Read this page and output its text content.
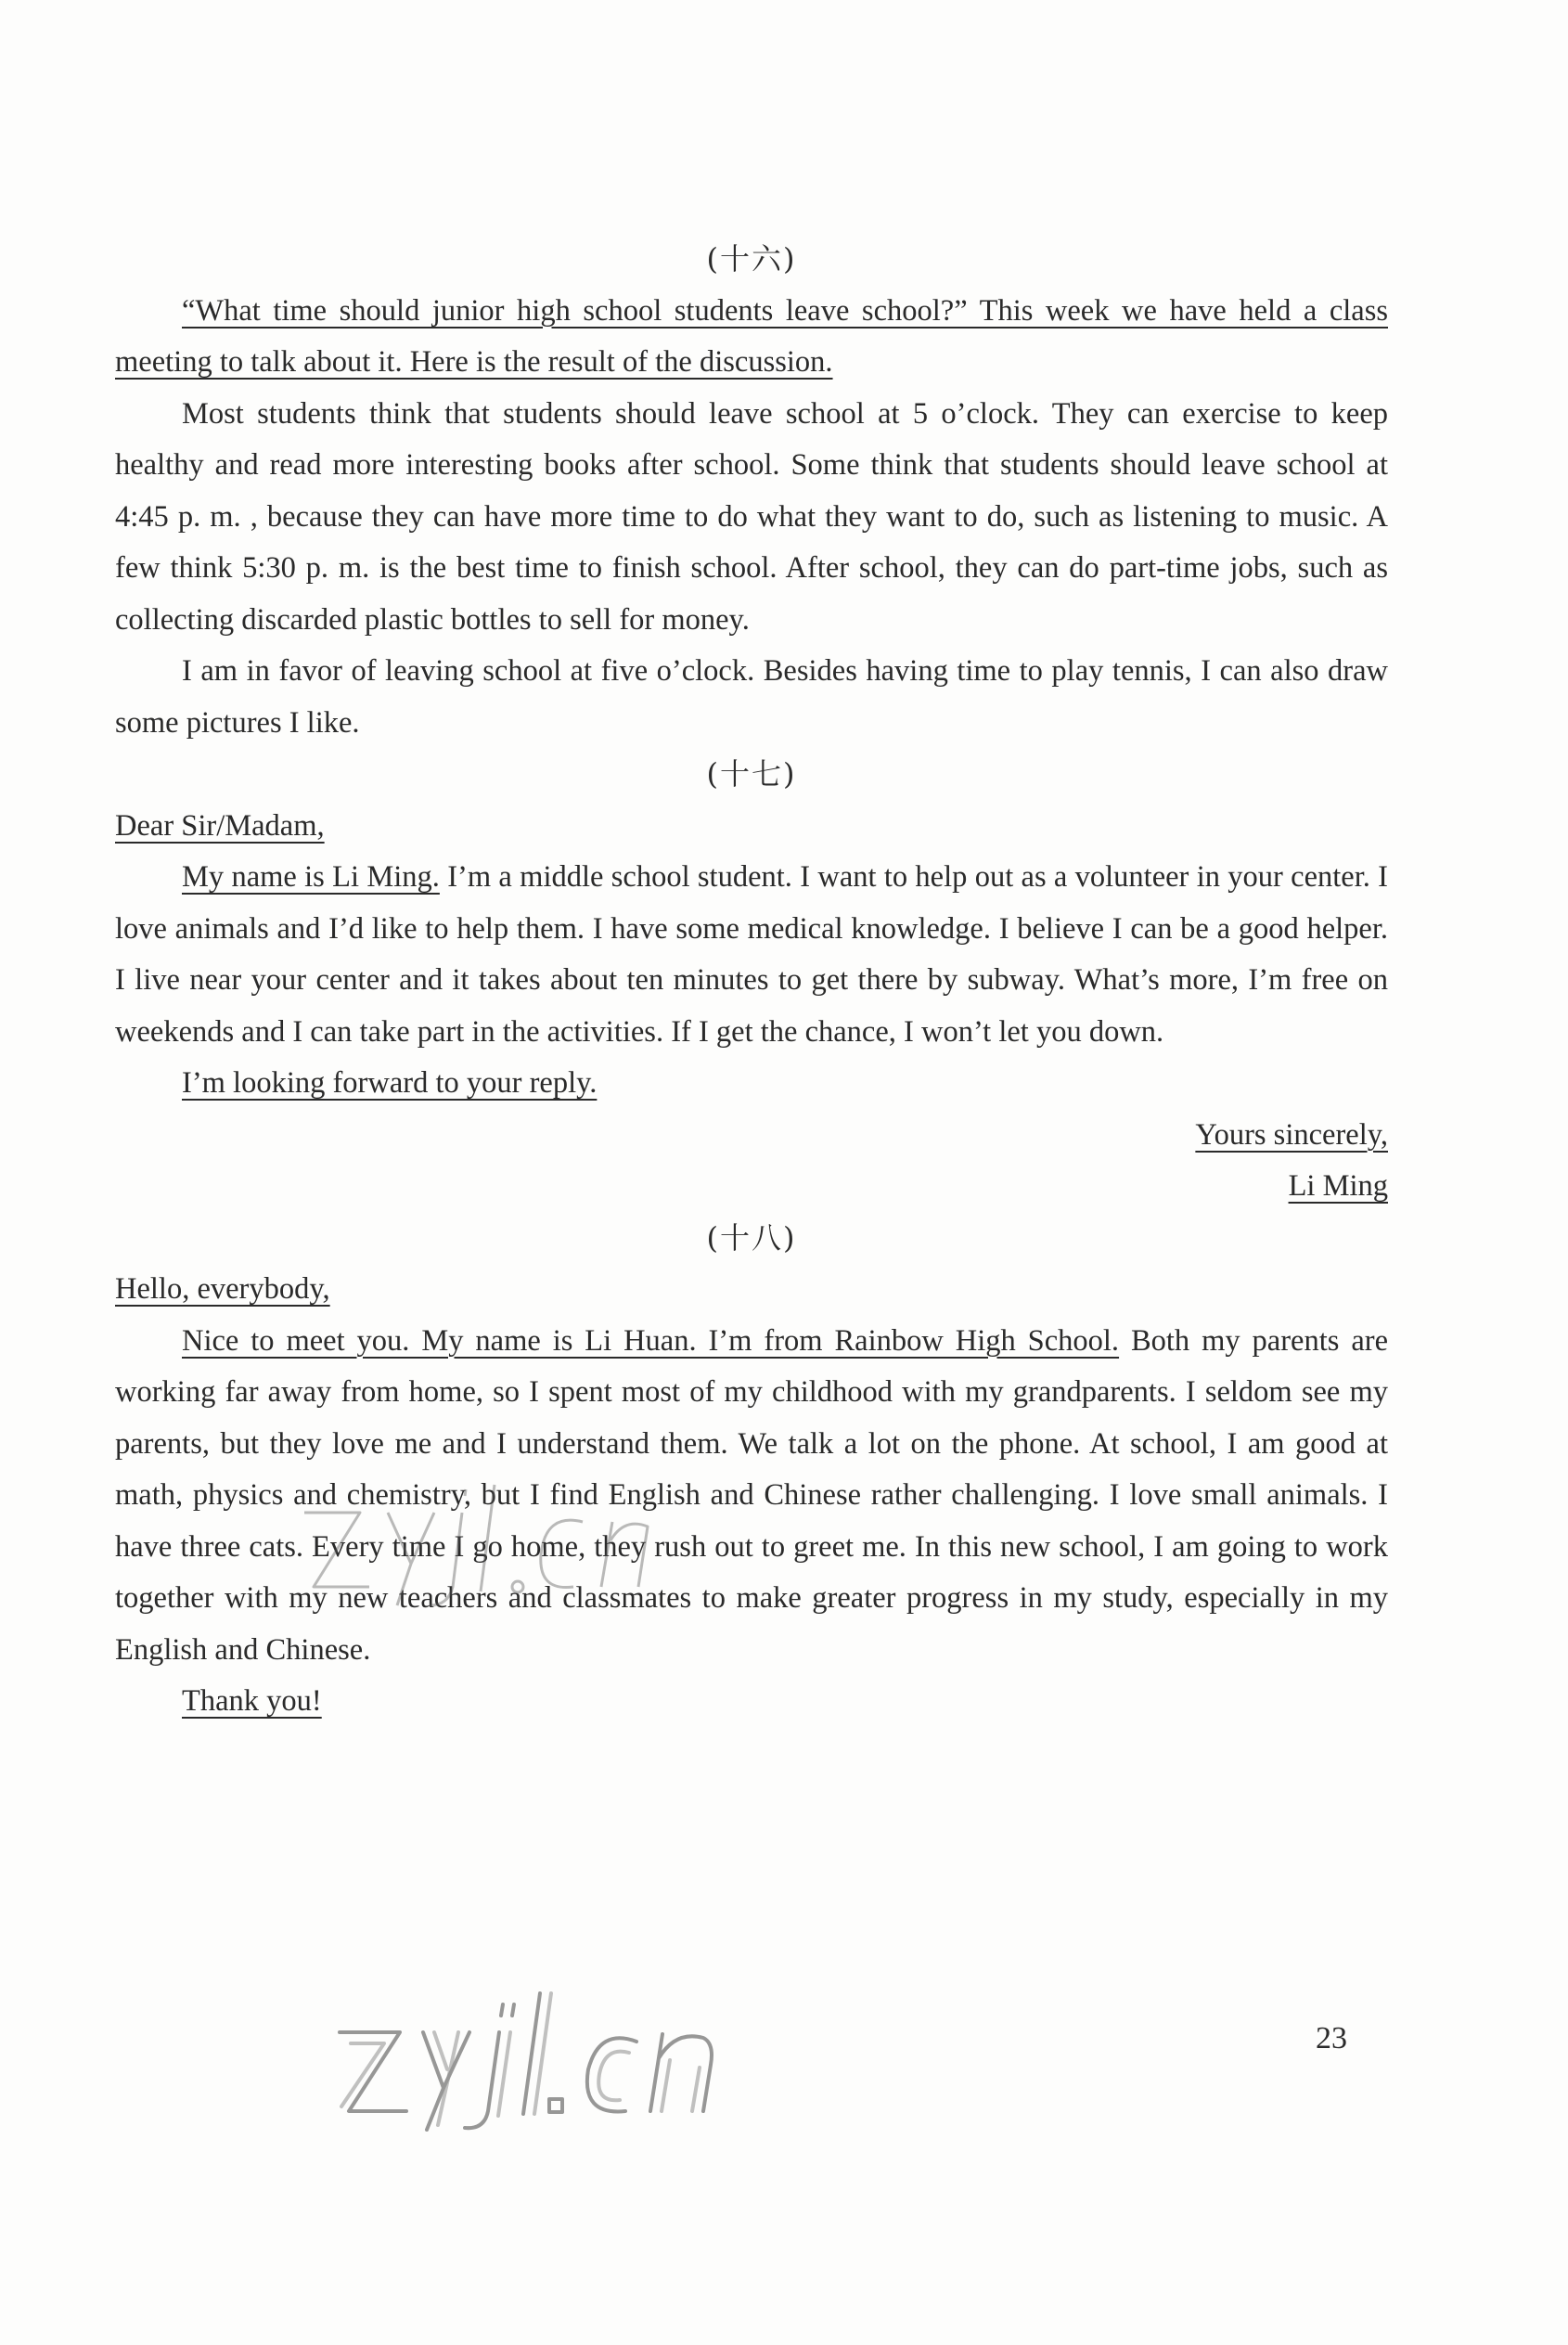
(十六)

“What time should junior high school students leave school?” This week we have held a class meeting to talk about it. Here is the result of the discussion.

Most students think that students should leave school at 5 o’clock. They can exercise to keep healthy and read more interesting books after school. Some think that students should leave school at 4:45 p. m. , because they can have more time to do what they want to do, such as listening to music. A few think 5:30 p. m. is the best time to finish school. After school, they can do part-time jobs, such as collecting discarded plastic bottles to sell for money.

I am in favor of leaving school at five o’clock. Besides having time to play tennis, I can also draw some pictures I like.

(十七)

Dear Sir/Madam,

My name is Li Ming. I’m a middle school student. I want to help out as a volunteer in your center. I love animals and I’d like to help them. I have some medical knowledge. I believe I can be a good helper. I live near your center and it takes about ten minutes to get there by subway. What’s more, I’m free on weekends and I can take part in the activities. If I get the chance, I won’t let you down.

I’m looking forward to your reply.

Yours sincerely,

Li Ming

(十八)

Hello, everybody,

Nice to meet you. My name is Li Huan. I’m from Rainbow High School. Both my parents are working far away from home, so I spent most of my childhood with my grandparents. I seldom see my parents, but they love me and I understand them. We talk a lot on the phone. At school, I am good at math, physics and chemistry, but I find English and Chinese rather challenging. I love small animals. I have three cats. Every time I go home, they rush out to greet me. In this new school, I am going to work together with my new teachers and classmates to make greater progress in my study, especially in my English and Chinese.

Thank you!

23
